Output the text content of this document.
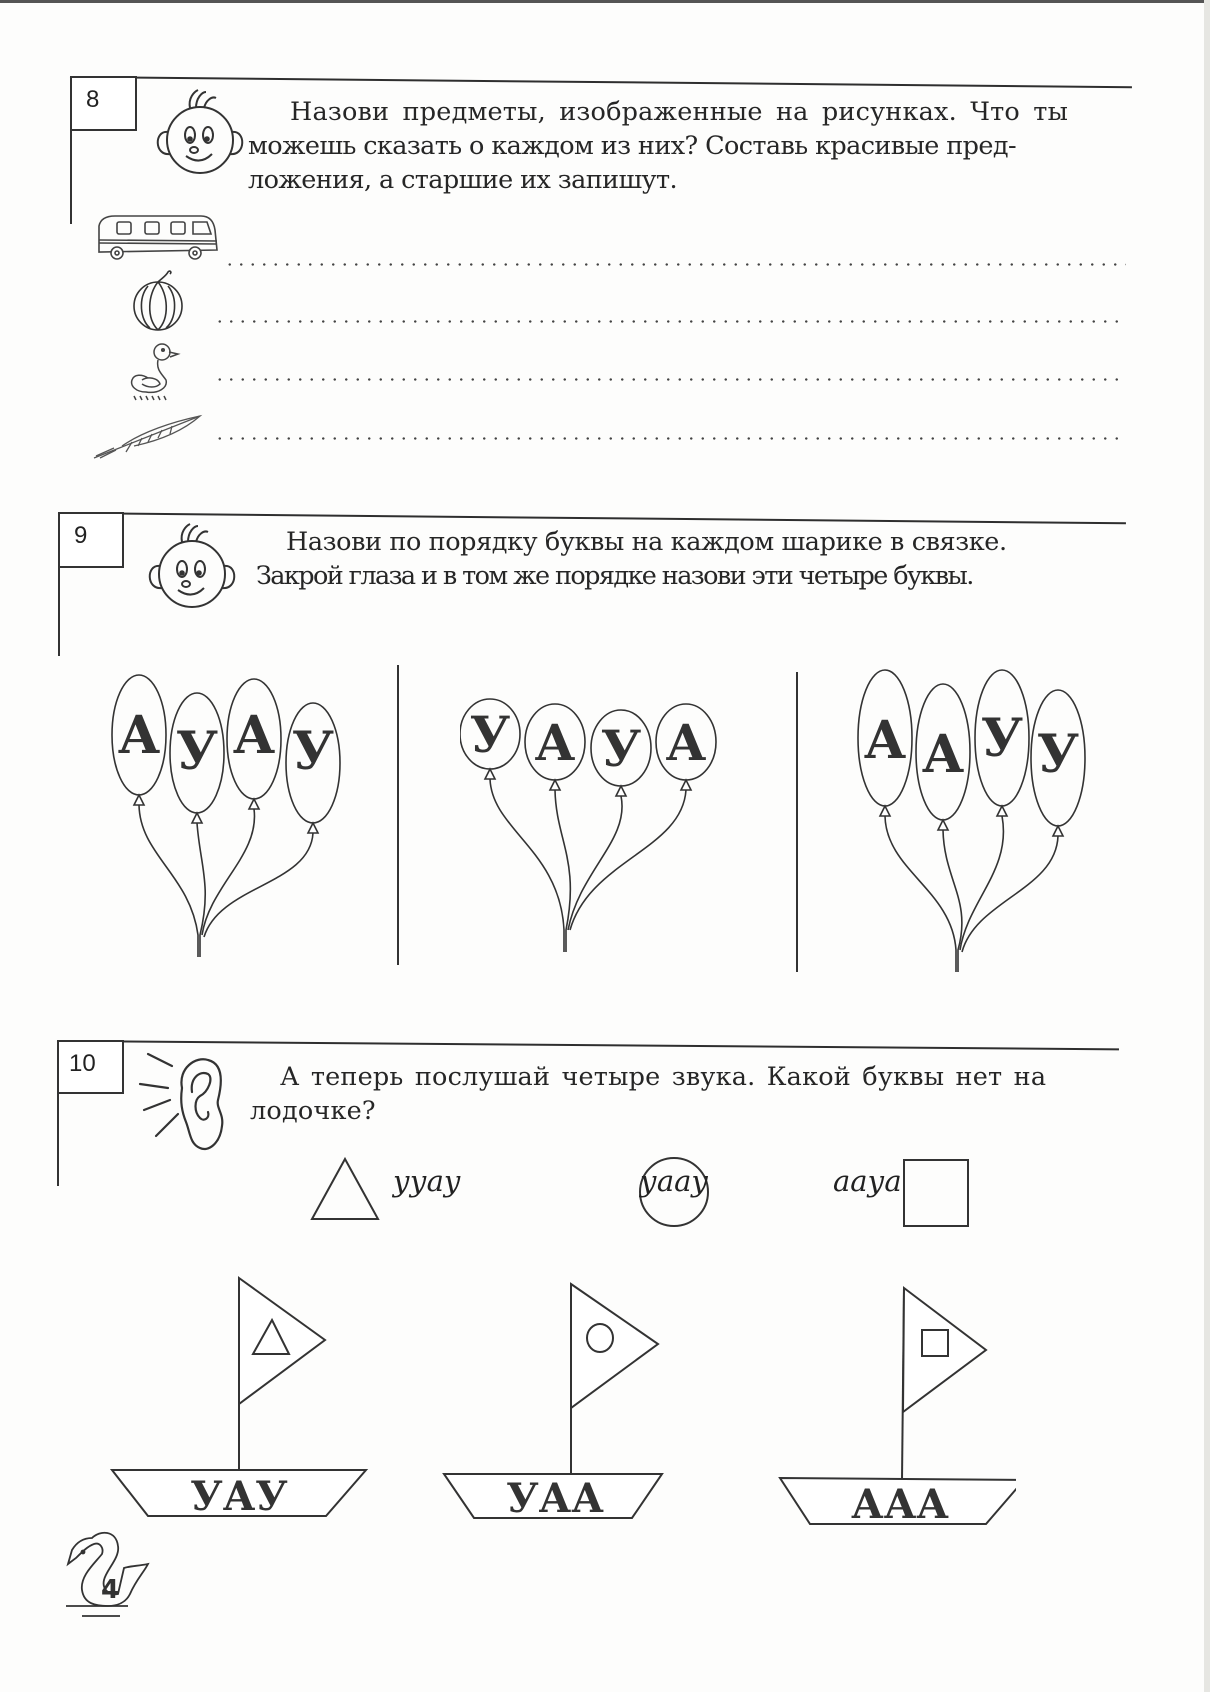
8	Назови предметы, изображенные на рисунках. Что ты
можешь сказать о каждом из них? Составь красивые пред-
ложения, а старшие их запишут.
9	Назови по порядку буквы на каждом шарике в связке.
Закрой глаза и в том же порядке назови эти четыре буквы.
А У А У	У А У А	А А У У
10	А теперь послушай четыре звука. Какой буквы нет на
лодочке?
ууау	уаау	аауа
УАУ	УАА	ААА
4
